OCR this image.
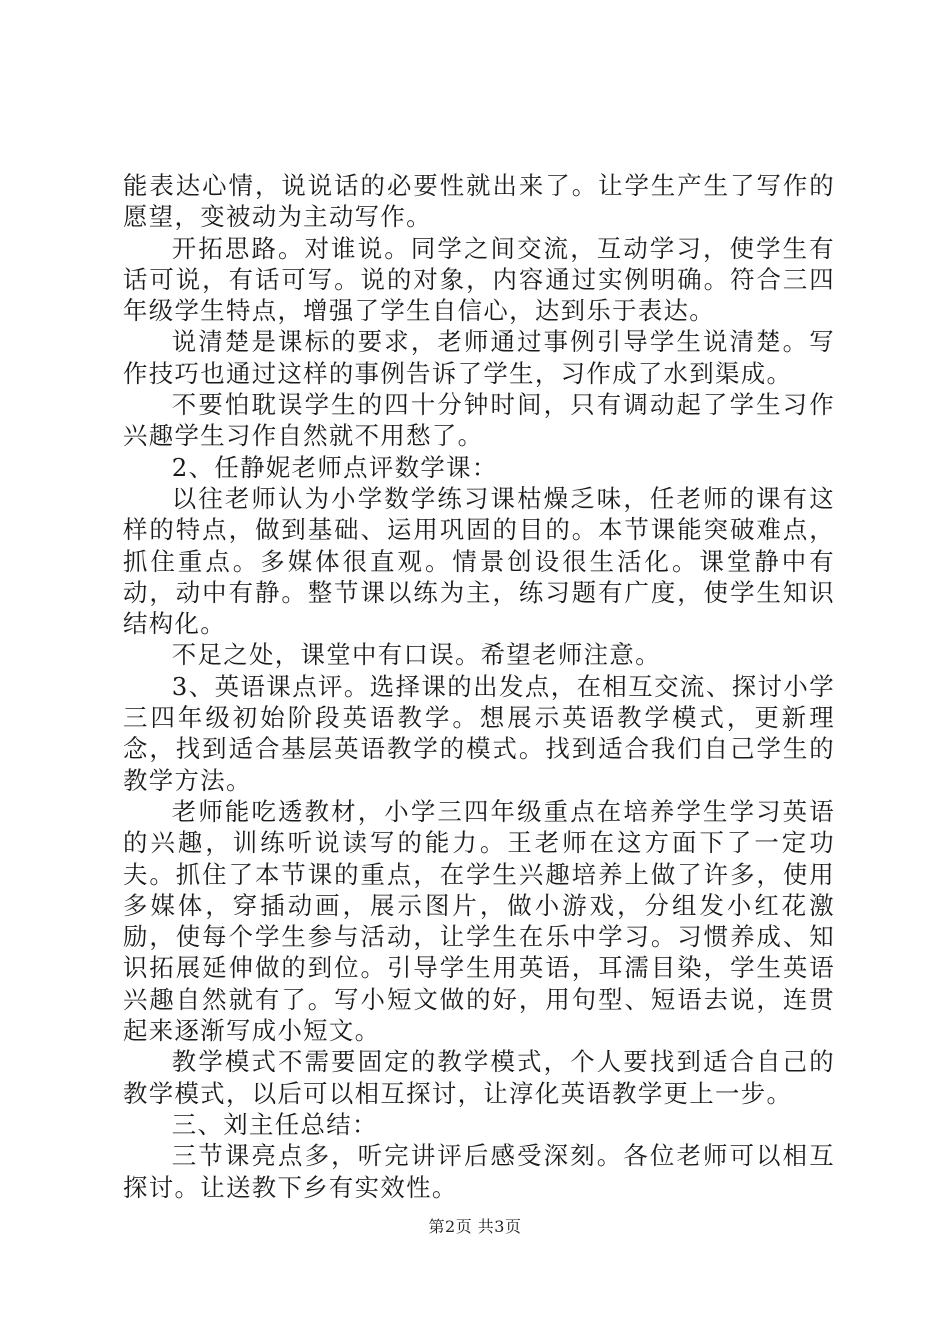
能表达心情，说说话的必要性就出来了。让学生产生了写作的愿望，变被动为主动写作。

开拓思路。对谁说。同学之间交流，互动学习，使学生有话可说，有话可写。说的对象，内容通过实例明确。符合三四年级学生特点，增强了学生自信心，达到乐于表达。

说清楚是课标的要求，老师通过事例引导学生说清楚。写作技巧也通过这样的事例告诉了学生，习作成了水到渠成。

不要怕耽误学生的四十分钟时间，只有调动起了学生习作兴趣学生习作自然就不用愁了。

2、任静妮老师点评数学课：

以往老师认为小学数学练习课枯燥乏味，任老师的课有这样的特点，做到基础、运用巩固的目的。本节课能突破难点，抓住重点。多媒体很直观。情景创设很生活化。课堂静中有动，动中有静。整节课以练为主，练习题有广度，使学生知识结构化。

不足之处，课堂中有口误。希望老师注意。

3、英语课点评。选择课的出发点，在相互交流、探讨小学三四年级初始阶段英语教学。想展示英语教学模式，更新理念，找到适合基层英语教学的模式。找到适合我们自己学生的教学方法。

老师能吃透教材，小学三四年级重点在培养学生学习英语的兴趣，训练听说读写的能力。王老师在这方面下了一定功夫。抓住了本节课的重点，在学生兴趣培养上做了许多，使用多媒体，穿插动画，展示图片，做小游戏，分组发小红花激励，使每个学生参与活动，让学生在乐中学习。习惯养成、知识拓展延伸做的到位。引导学生用英语，耳濡目染，学生英语兴趣自然就有了。写小短文做的好，用句型、短语去说，连贯起来逐渐写成小短文。

教学模式不需要固定的教学模式，个人要找到适合自己的教学模式，以后可以相互探讨，让淳化英语教学更上一步。

三、刘主任总结：

三节课亮点多，听完讲评后感受深刻。各位老师可以相互探讨。让送教下乡有实效性。

第2页 共3页
